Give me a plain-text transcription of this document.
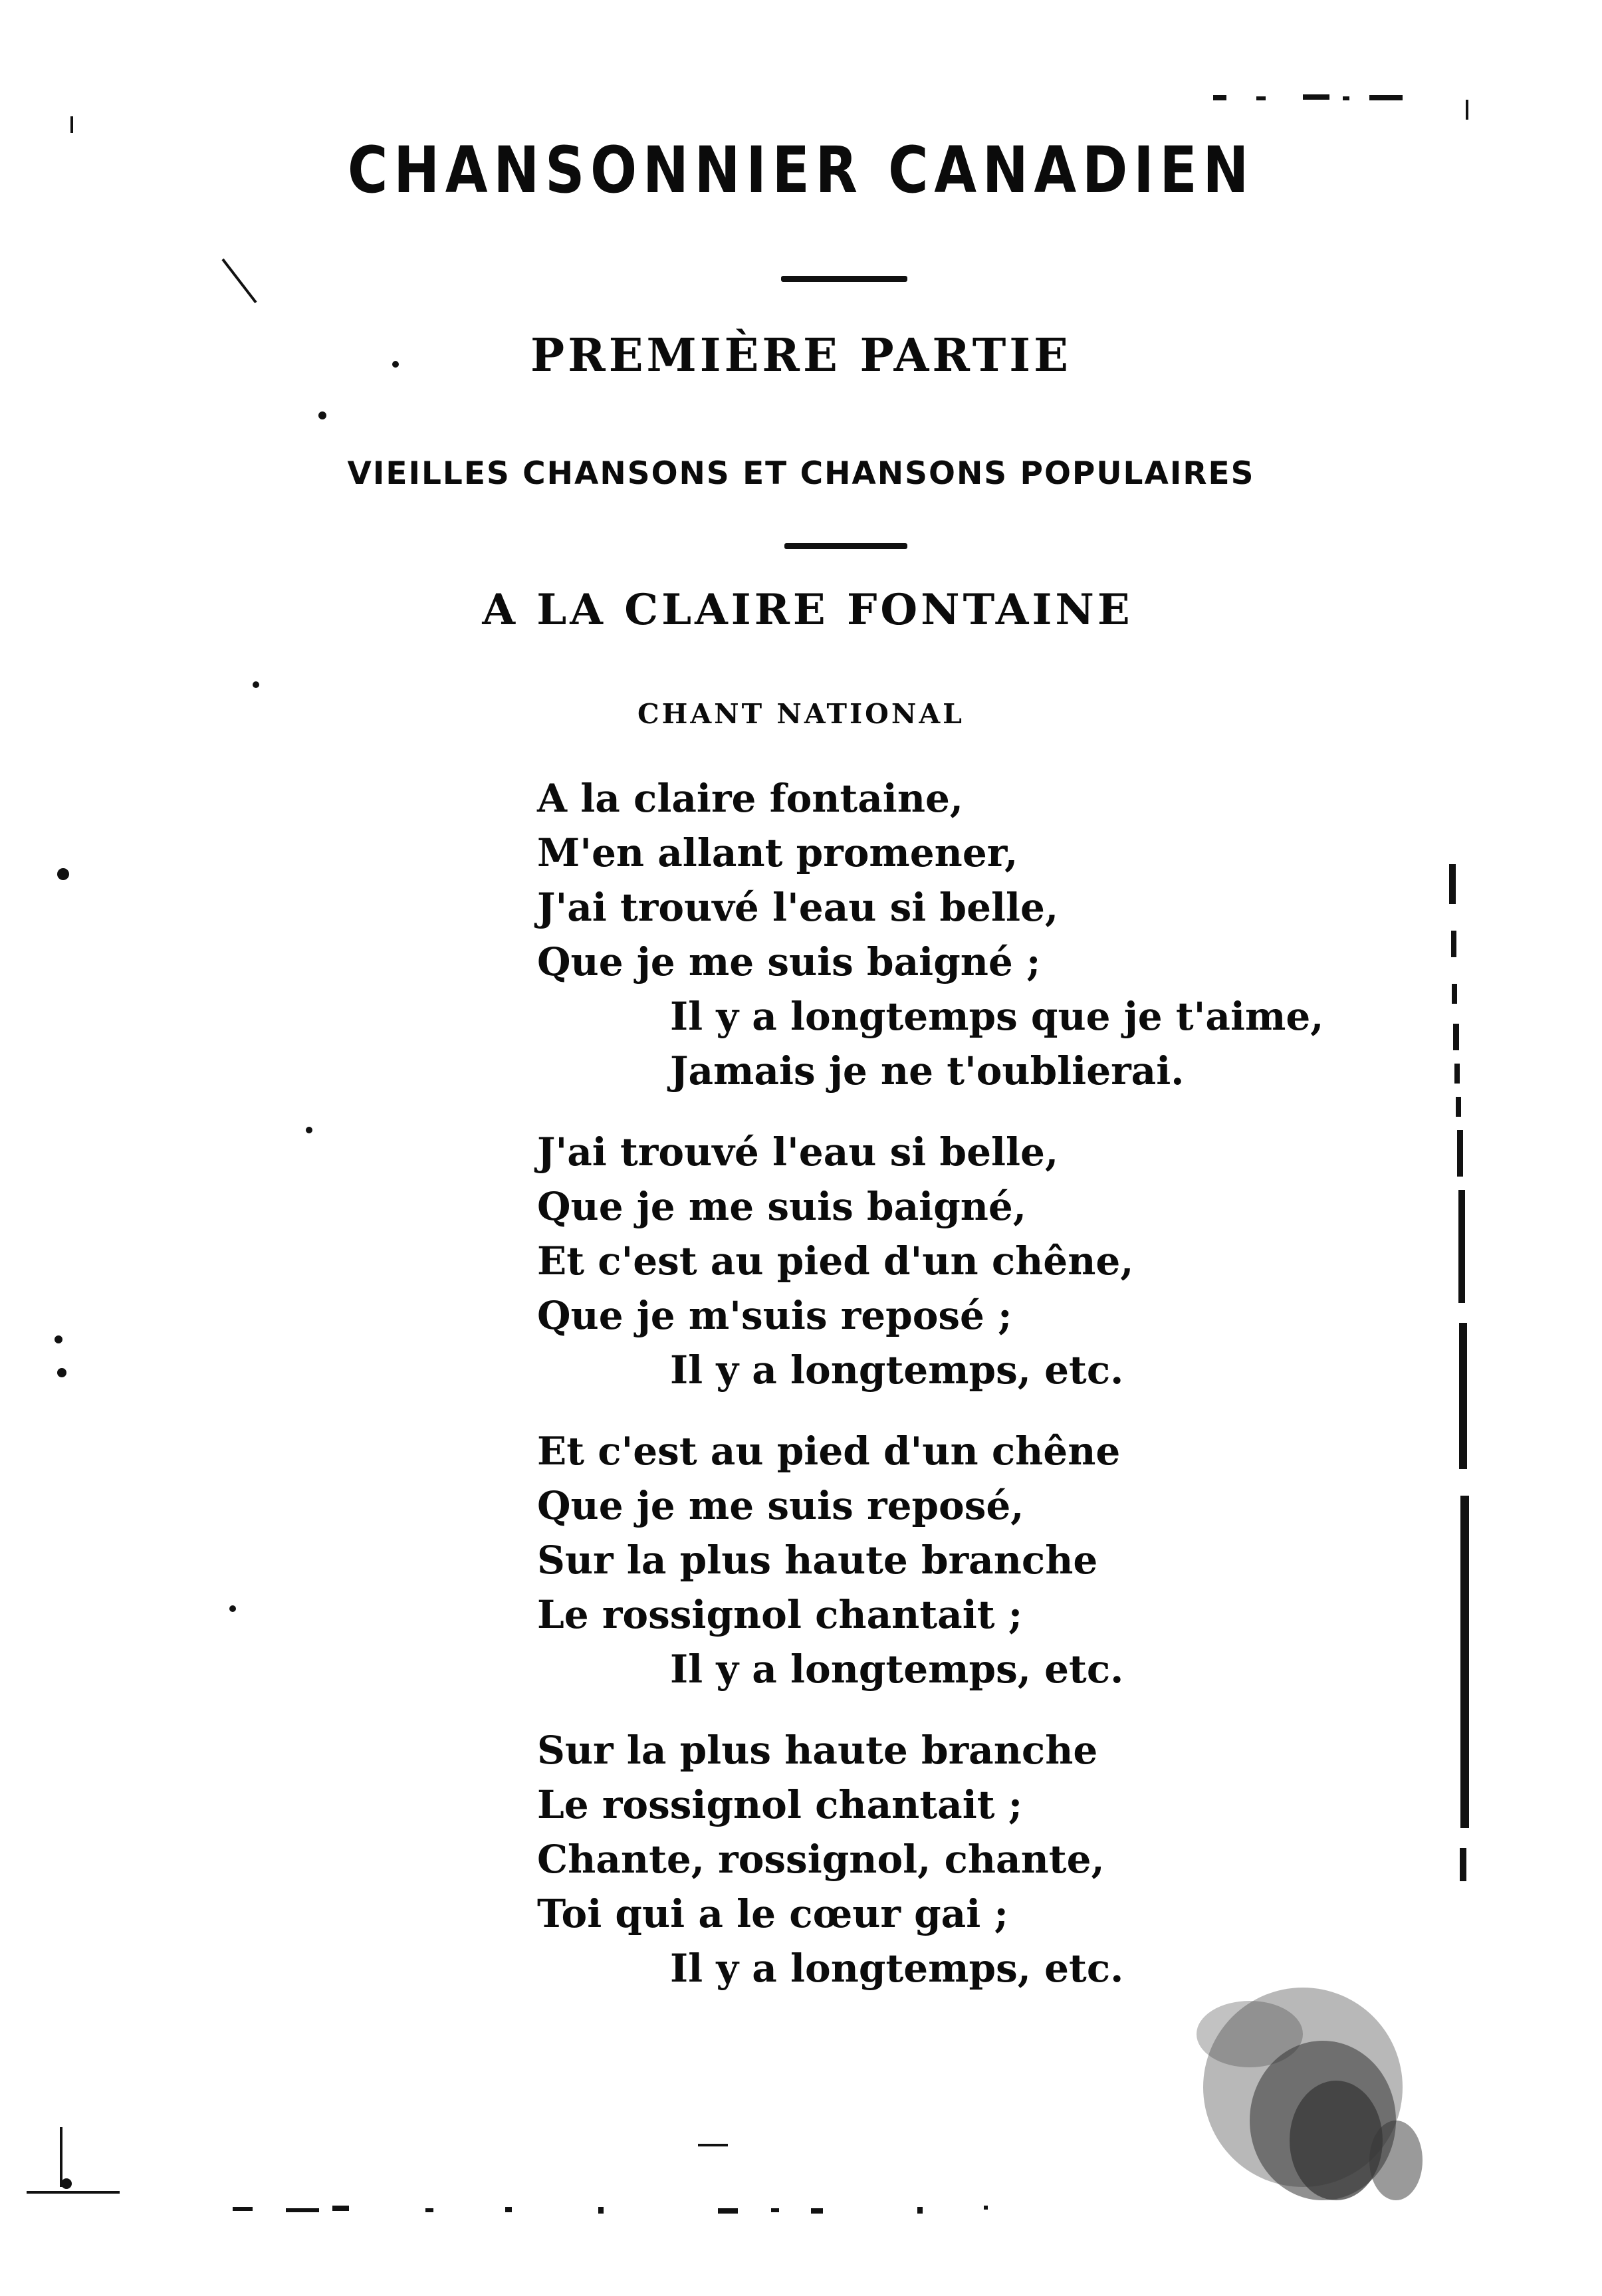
CHANSONNIER CANADIEN
PREMIÈRE PARTIE
VIEILLES CHANSONS ET CHANSONS POPULAIRES
A LA CLAIRE FONTAINE
CHANT NATIONAL
A la claire fontaine,
M'en allant promener,
J'ai trouvé l'eau si belle,
Que je me suis baigné ;
Il y a longtemps que je t'aime,
Jamais je ne t'oublierai.
J'ai trouvé l'eau si belle,
Que je me suis baigné,
Et c'est au pied d'un chêne,
Que je m'suis reposé ;
Il y a longtemps, etc.
Et c'est au pied d'un chêne
Que je me suis reposé,
Sur la plus haute branche
Le rossignol chantait ;
Il y a longtemps, etc.
Sur la plus haute branche
Le rossignol chantait ;
Chante, rossignol, chante,
Toi qui a le cœur gai ;
Il y a longtemps, etc.
